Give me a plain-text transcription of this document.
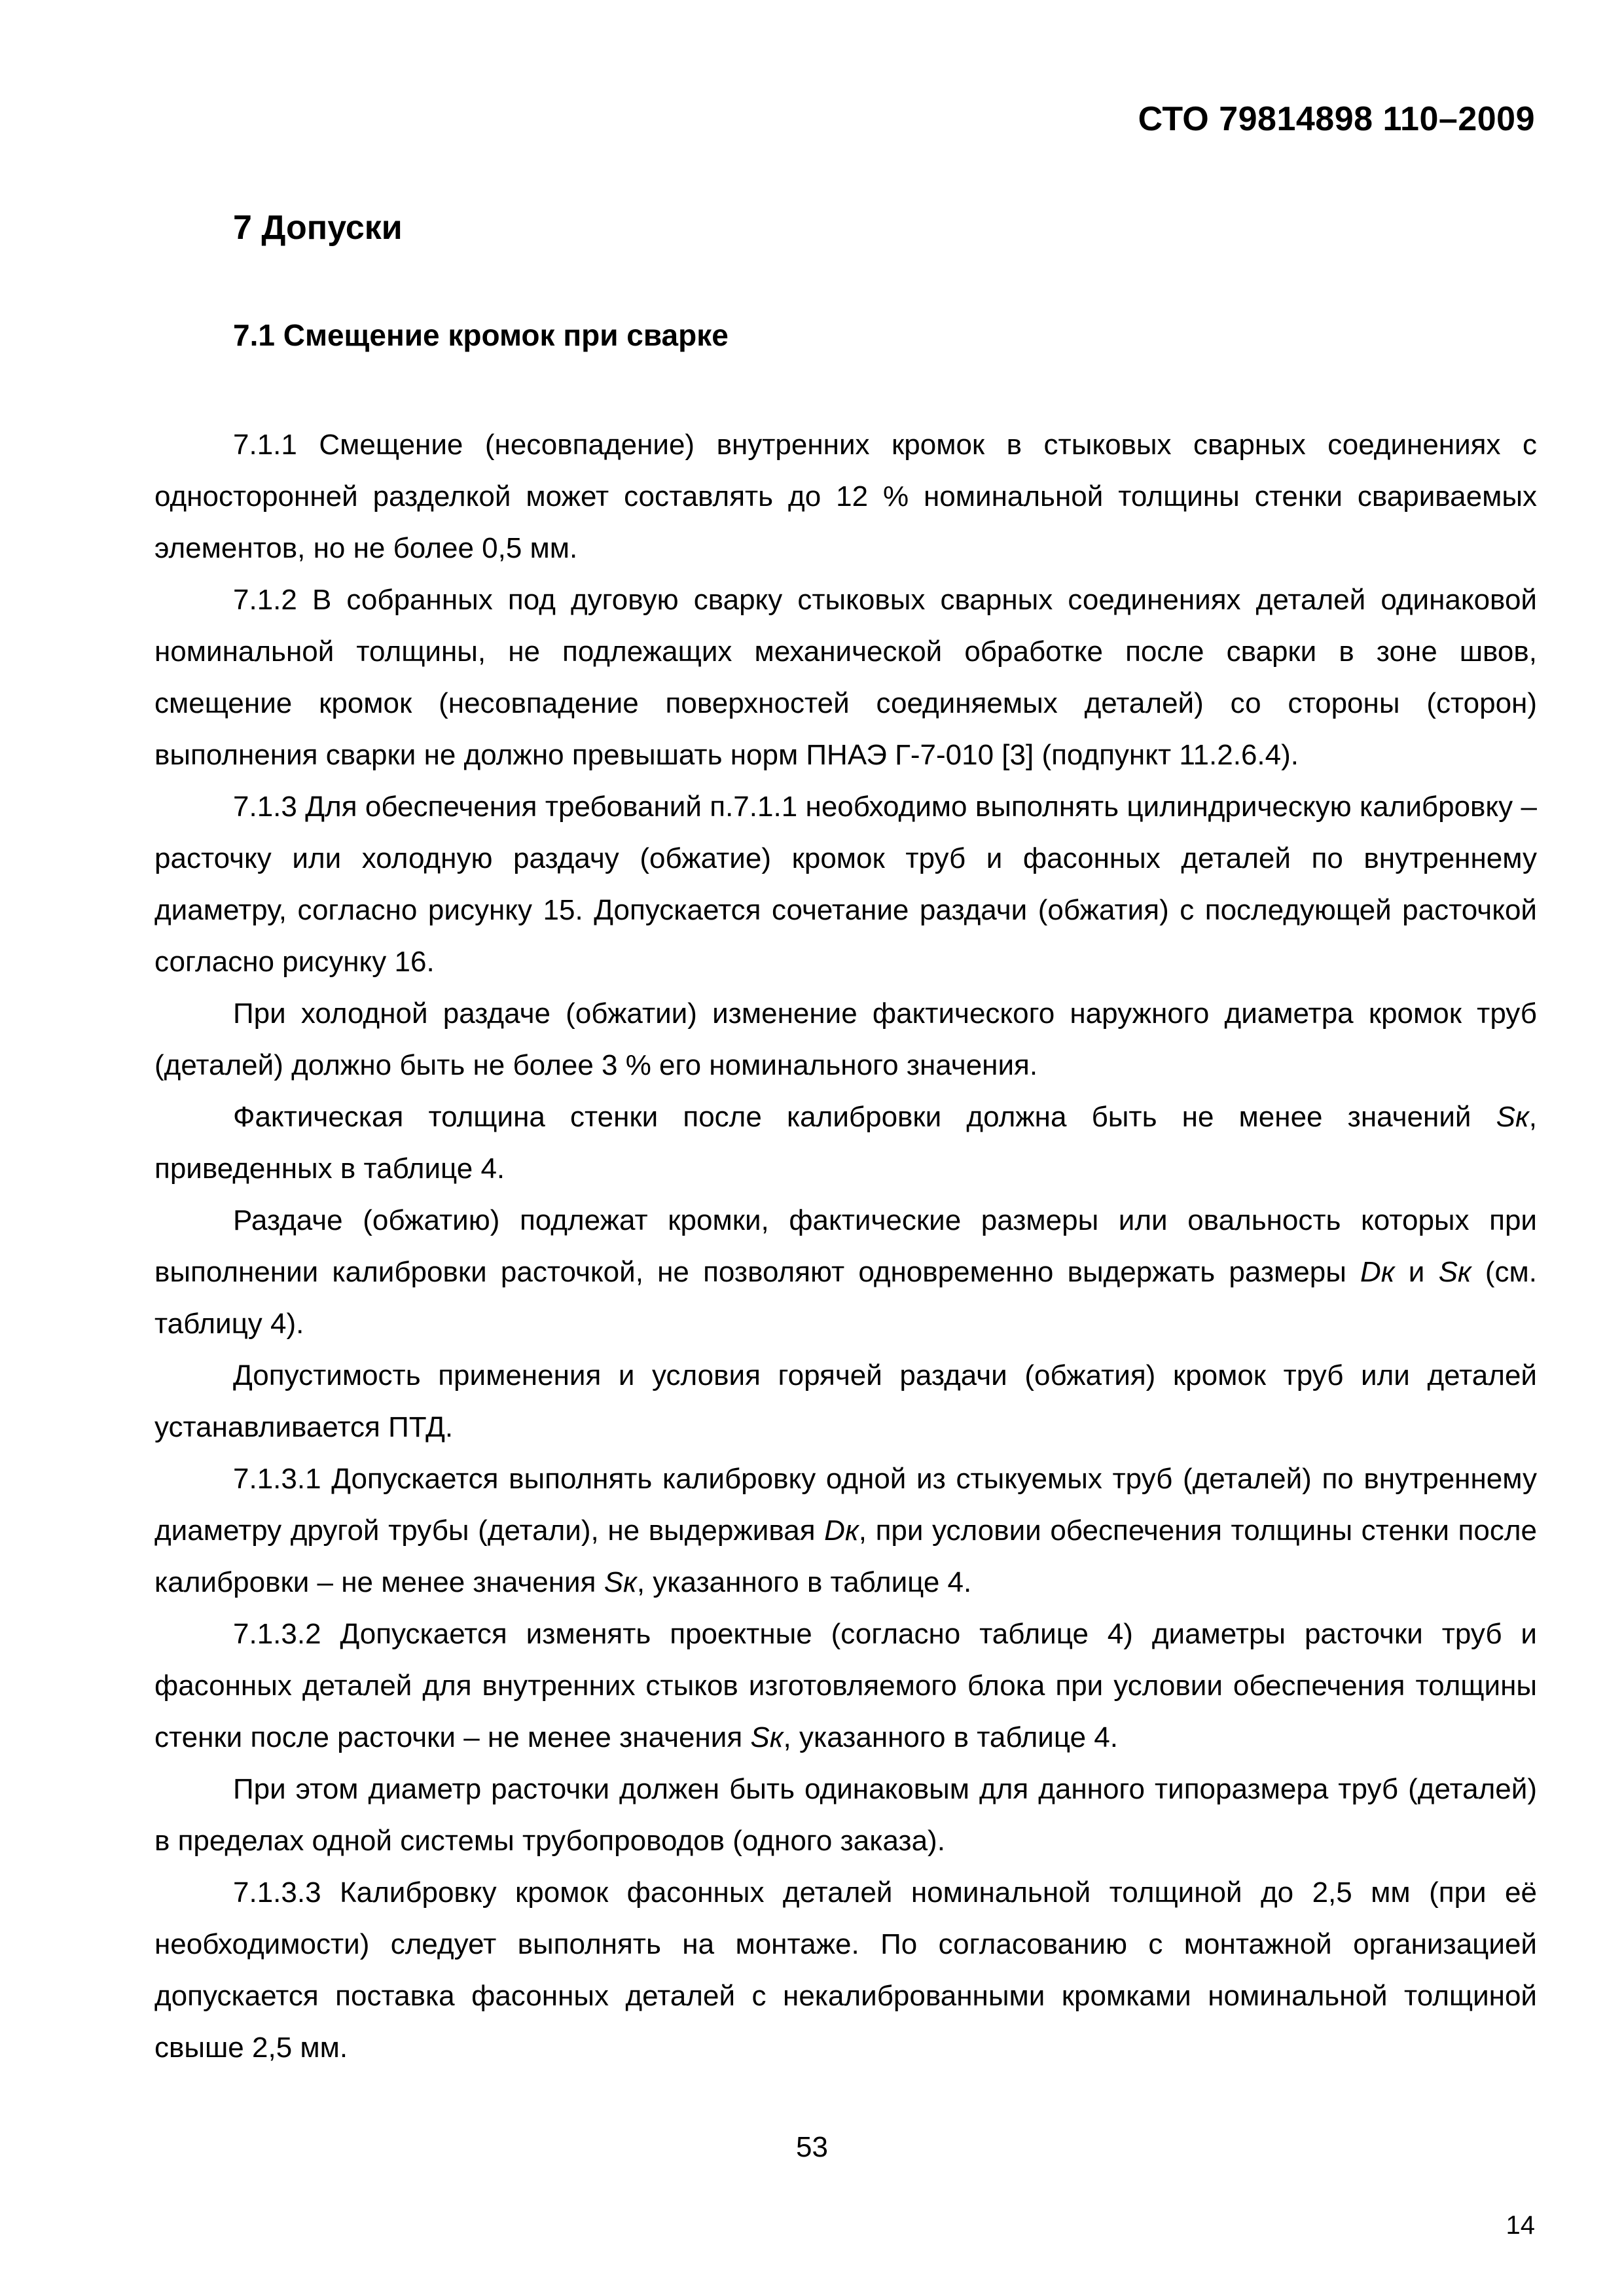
СТО 79814898 110–2009
7 Допуски
7.1 Смещение кромок при сварке

7.1.1 Смещение (несовпадение) внутренних кромок в стыковых сварных соединениях с односторонней разделкой может составлять до 12 % номинальной толщины стенки свариваемых элементов, но не более 0,5 мм.

7.1.2 В собранных под дуговую сварку стыковых сварных соединениях деталей одинаковой номинальной толщины, не подлежащих механической обработке после сварки в зоне швов, смещение кромок (несовпадение поверхностей соединяемых деталей) со стороны (сторон) выполнения сварки не должно превышать норм ПНАЭ Г-7-010 [3] (подпункт 11.2.6.4).

7.1.3 Для обеспечения требований п.7.1.1 необходимо выполнять цилиндрическую калибровку – расточку или холодную раздачу (обжатие) кромок труб и фасонных деталей по внутреннему диаметру, согласно рисунку 15. Допускается сочетание раздачи (обжатия) с последующей расточкой согласно рисунку 16.

При холодной раздаче (обжатии) изменение фактического наружного диаметра кромок труб (деталей) должно быть не более 3 % его номинального значения.

Фактическая толщина стенки после калибровки должна быть не менее значений Sк, приведенных в таблице 4.

Раздаче (обжатию) подлежат кромки, фактические размеры или овальность которых при выполнении калибровки расточкой, не позволяют одновременно выдержать размеры Dк и Sк (см. таблицу 4).

Допустимость применения и условия горячей раздачи (обжатия) кромок труб или деталей устанавливается ПТД.

7.1.3.1 Допускается выполнять калибровку одной из стыкуемых труб (деталей) по внутреннему диаметру другой трубы (детали), не выдерживая Dк, при условии обеспечения толщины стенки после калибровки – не менее значения Sк, указанного в таблице 4.

7.1.3.2 Допускается изменять проектные (согласно таблице 4) диаметры расточки труб и фасонных деталей для внутренних стыков изготовляемого блока при условии обеспечения толщины стенки после расточки – не менее значения Sк, указанного в таблице 4.

При этом диаметр расточки должен быть одинаковым для данного типоразмера труб (деталей) в пределах одной системы трубопроводов (одного заказа).

7.1.3.3 Калибровку кромок фасонных деталей номинальной толщиной до 2,5 мм (при её необходимости) следует выполнять на монтаже. По согласованию с монтажной организацией допускается поставка фасонных деталей с некалиброванными кромками номинальной толщиной свыше 2,5 мм.

53
14
